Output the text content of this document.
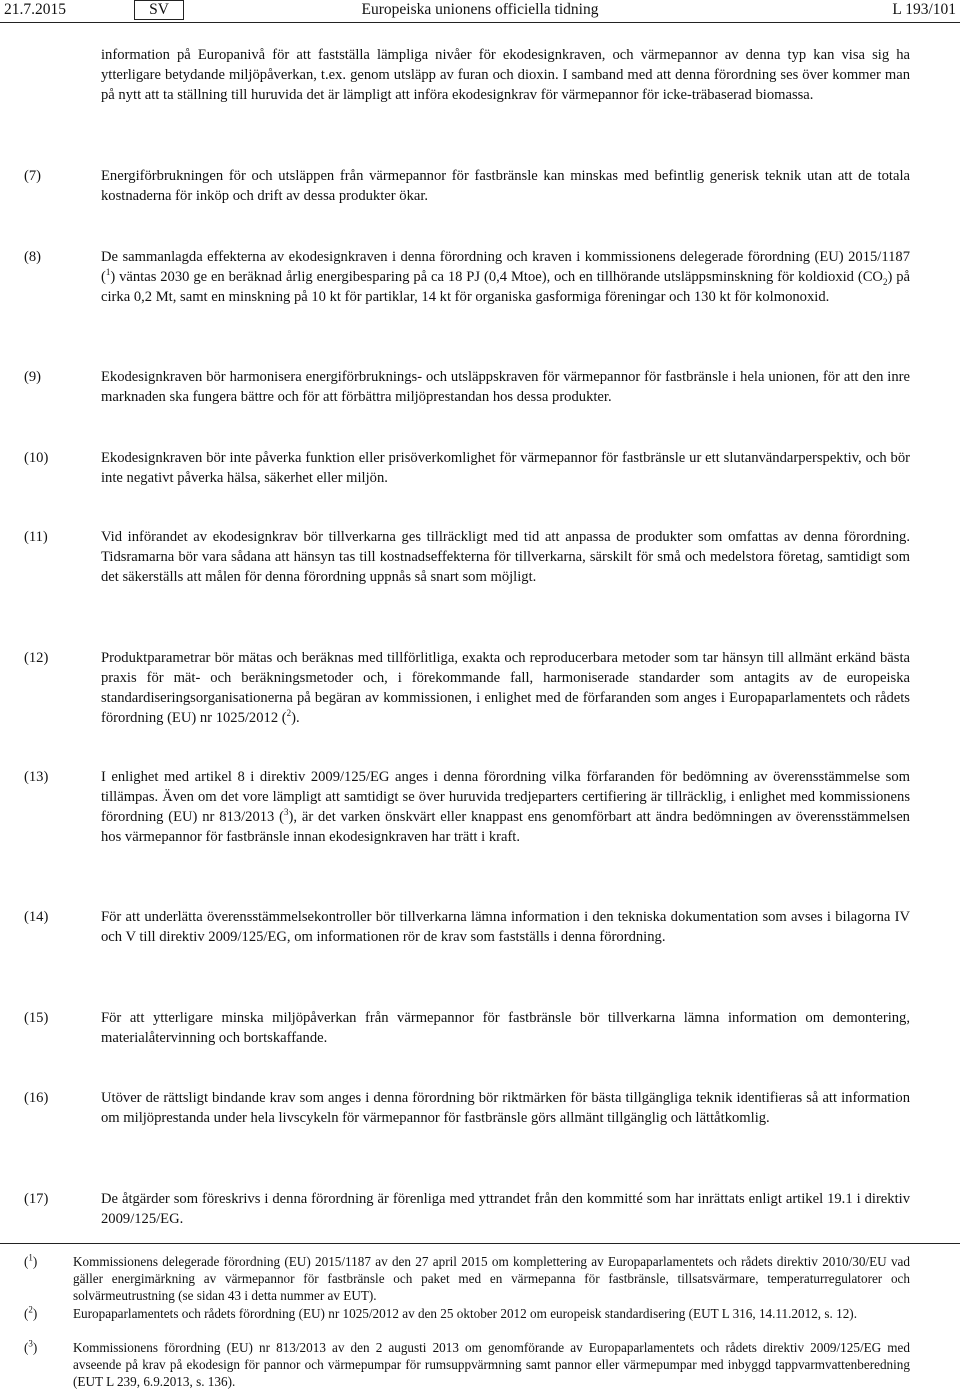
21.7.2015	SV	Europeiska unionens officiella tidning	L 193/101
information på Europanivå för att fastställa lämpliga nivåer för ekodesignkraven, och värmepannor av denna typ kan visa sig ha ytterligare betydande miljöpåverkan, t.ex. genom utsläpp av furan och dioxin. I samband med att denna förordning ses över kommer man på nytt att ta ställning till huruvida det är lämpligt att införa ekodesignkrav för värmepannor för icke-träbaserad biomassa.
(7)	Energiförbrukningen för och utsläppen från värmepannor för fastbränsle kan minskas med befintlig generisk teknik utan att de totala kostnaderna för inköp och drift av dessa produkter ökar.
(8)	De sammanlagda effekterna av ekodesignkraven i denna förordning och kraven i kommissionens delegerade förordning (EU) 2015/1187 ($^1$) väntas 2030 ge en beräknad årlig energibesparing på ca 18 PJ (0,4 Mtoe), och en tillhörande utsläppsminskning för koldioxid $(CO_2)$ på cirka 0,2 Mt, samt en minskning på 10 kt för partiklar, 14 kt för organiska gasformiga föreningar och 130 kt för kolmonoxid.
(9)	Ekodesignkraven bör harmonisera energiförbruknings- och utsläppskraven för värmepannor för fastbränsle i hela unionen, för att den inre marknaden ska fungera bättre och för att förbättra miljöprestandan hos dessa produkter.
(10)	Ekodesignkraven bör inte påverka funktion eller prisöverkomlighet för värmepannor för fastbränsle ur ett slutanvändarperspektiv, och bör inte negativt påverka hälsa, säkerhet eller miljön.
(11)	Vid införandet av ekodesignkrav bör tillverkarna ges tillräckligt med tid att anpassa de produkter som omfattas av denna förordning. Tidsramarna bör vara sådana att hänsyn tas till kostnadseffekterna för tillverkarna, särskilt för små och medelstora företag, samtidigt som det säkerställs att målen för denna förordning uppnås så snart som möjligt.
(12)	Produktparametrar bör mätas och beräknas med tillförlitliga, exakta och reproducerbara metoder som tar hänsyn till allmänt erkänd bästa praxis för mät- och beräkningsmetoder och, i förekommande fall, harmoniserade standarder som antagits av de europeiska standardiseringsorganisationerna på begäran av kommissionen, i enlighet med de förfaranden som anges i Europaparlamentets och rådets förordning (EU) nr 1025/2012 ($^2$).
(13)	I enlighet med artikel 8 i direktiv 2009/125/EG anges i denna förordning vilka förfaranden för bedömning av överensstämmelse som tillämpas. Även om det vore lämpligt att samtidigt se över huruvida tredjeparters certifiering är tillräcklig, i enlighet med kommissionens förordning (EU) nr 813/2013 ($^3$), är det varken önskvärt eller knappast ens genomförbart att ändra bedömningen av överensstämmelsen hos värmepannor för fastbränsle innan ekodesignkraven har trätt i kraft.
(14)	För att underlätta överensstämmelsekontroller bör tillverkarna lämna information i den tekniska dokumentation som avses i bilagorna IV och V till direktiv 2009/125/EG, om informationen rör de krav som fastställs i denna förordning.
(15)	För att ytterligare minska miljöpåverkan från värmepannor för fastbränsle bör tillverkarna lämna information om demontering, materialåtervinning och bortskaffande.
(16)	Utöver de rättsligt bindande krav som anges i denna förordning bör riktmärken för bästa tillgängliga teknik identifieras så att information om miljöprestanda under hela livscykeln för värmepannor för fastbränsle görs allmänt tillgänglig och lättåtkomlig.
(17)	De åtgärder som föreskrivs i denna förordning är förenliga med yttrandet från den kommitté som har inrättats enligt artikel 19.1 i direktiv 2009/125/EG.
($^1$)	Kommissionens delegerade förordning (EU) 2015/1187 av den 27 april 2015 om komplettering av Europaparlamentets och rådets direktiv 2010/30/EU vad gäller energimärkning av värmepannor för fastbränsle och paket med en värmepanna för fastbränsle, tillsatsvärmare, temperaturregulatorer och solvärmeutrustning (se sidan 43 i detta nummer av EUT).
($^2$)	Europaparlamentets och rådets förordning (EU) nr 1025/2012 av den 25 oktober 2012 om europeisk standardisering (EUT L 316, 14.11.2012, s. 12).
($^3$)	Kommissionens förordning (EU) nr 813/2013 av den 2 augusti 2013 om genomförande av Europaparlamentets och rådets direktiv 2009/125/EG med avseende på krav på ekodesign för pannor och värmepumpar för rumsuppvärmning samt pannor eller värmepumpar med inbyggd tappvarmvattenberedning (EUT L 239, 6.9.2013, s. 136).
